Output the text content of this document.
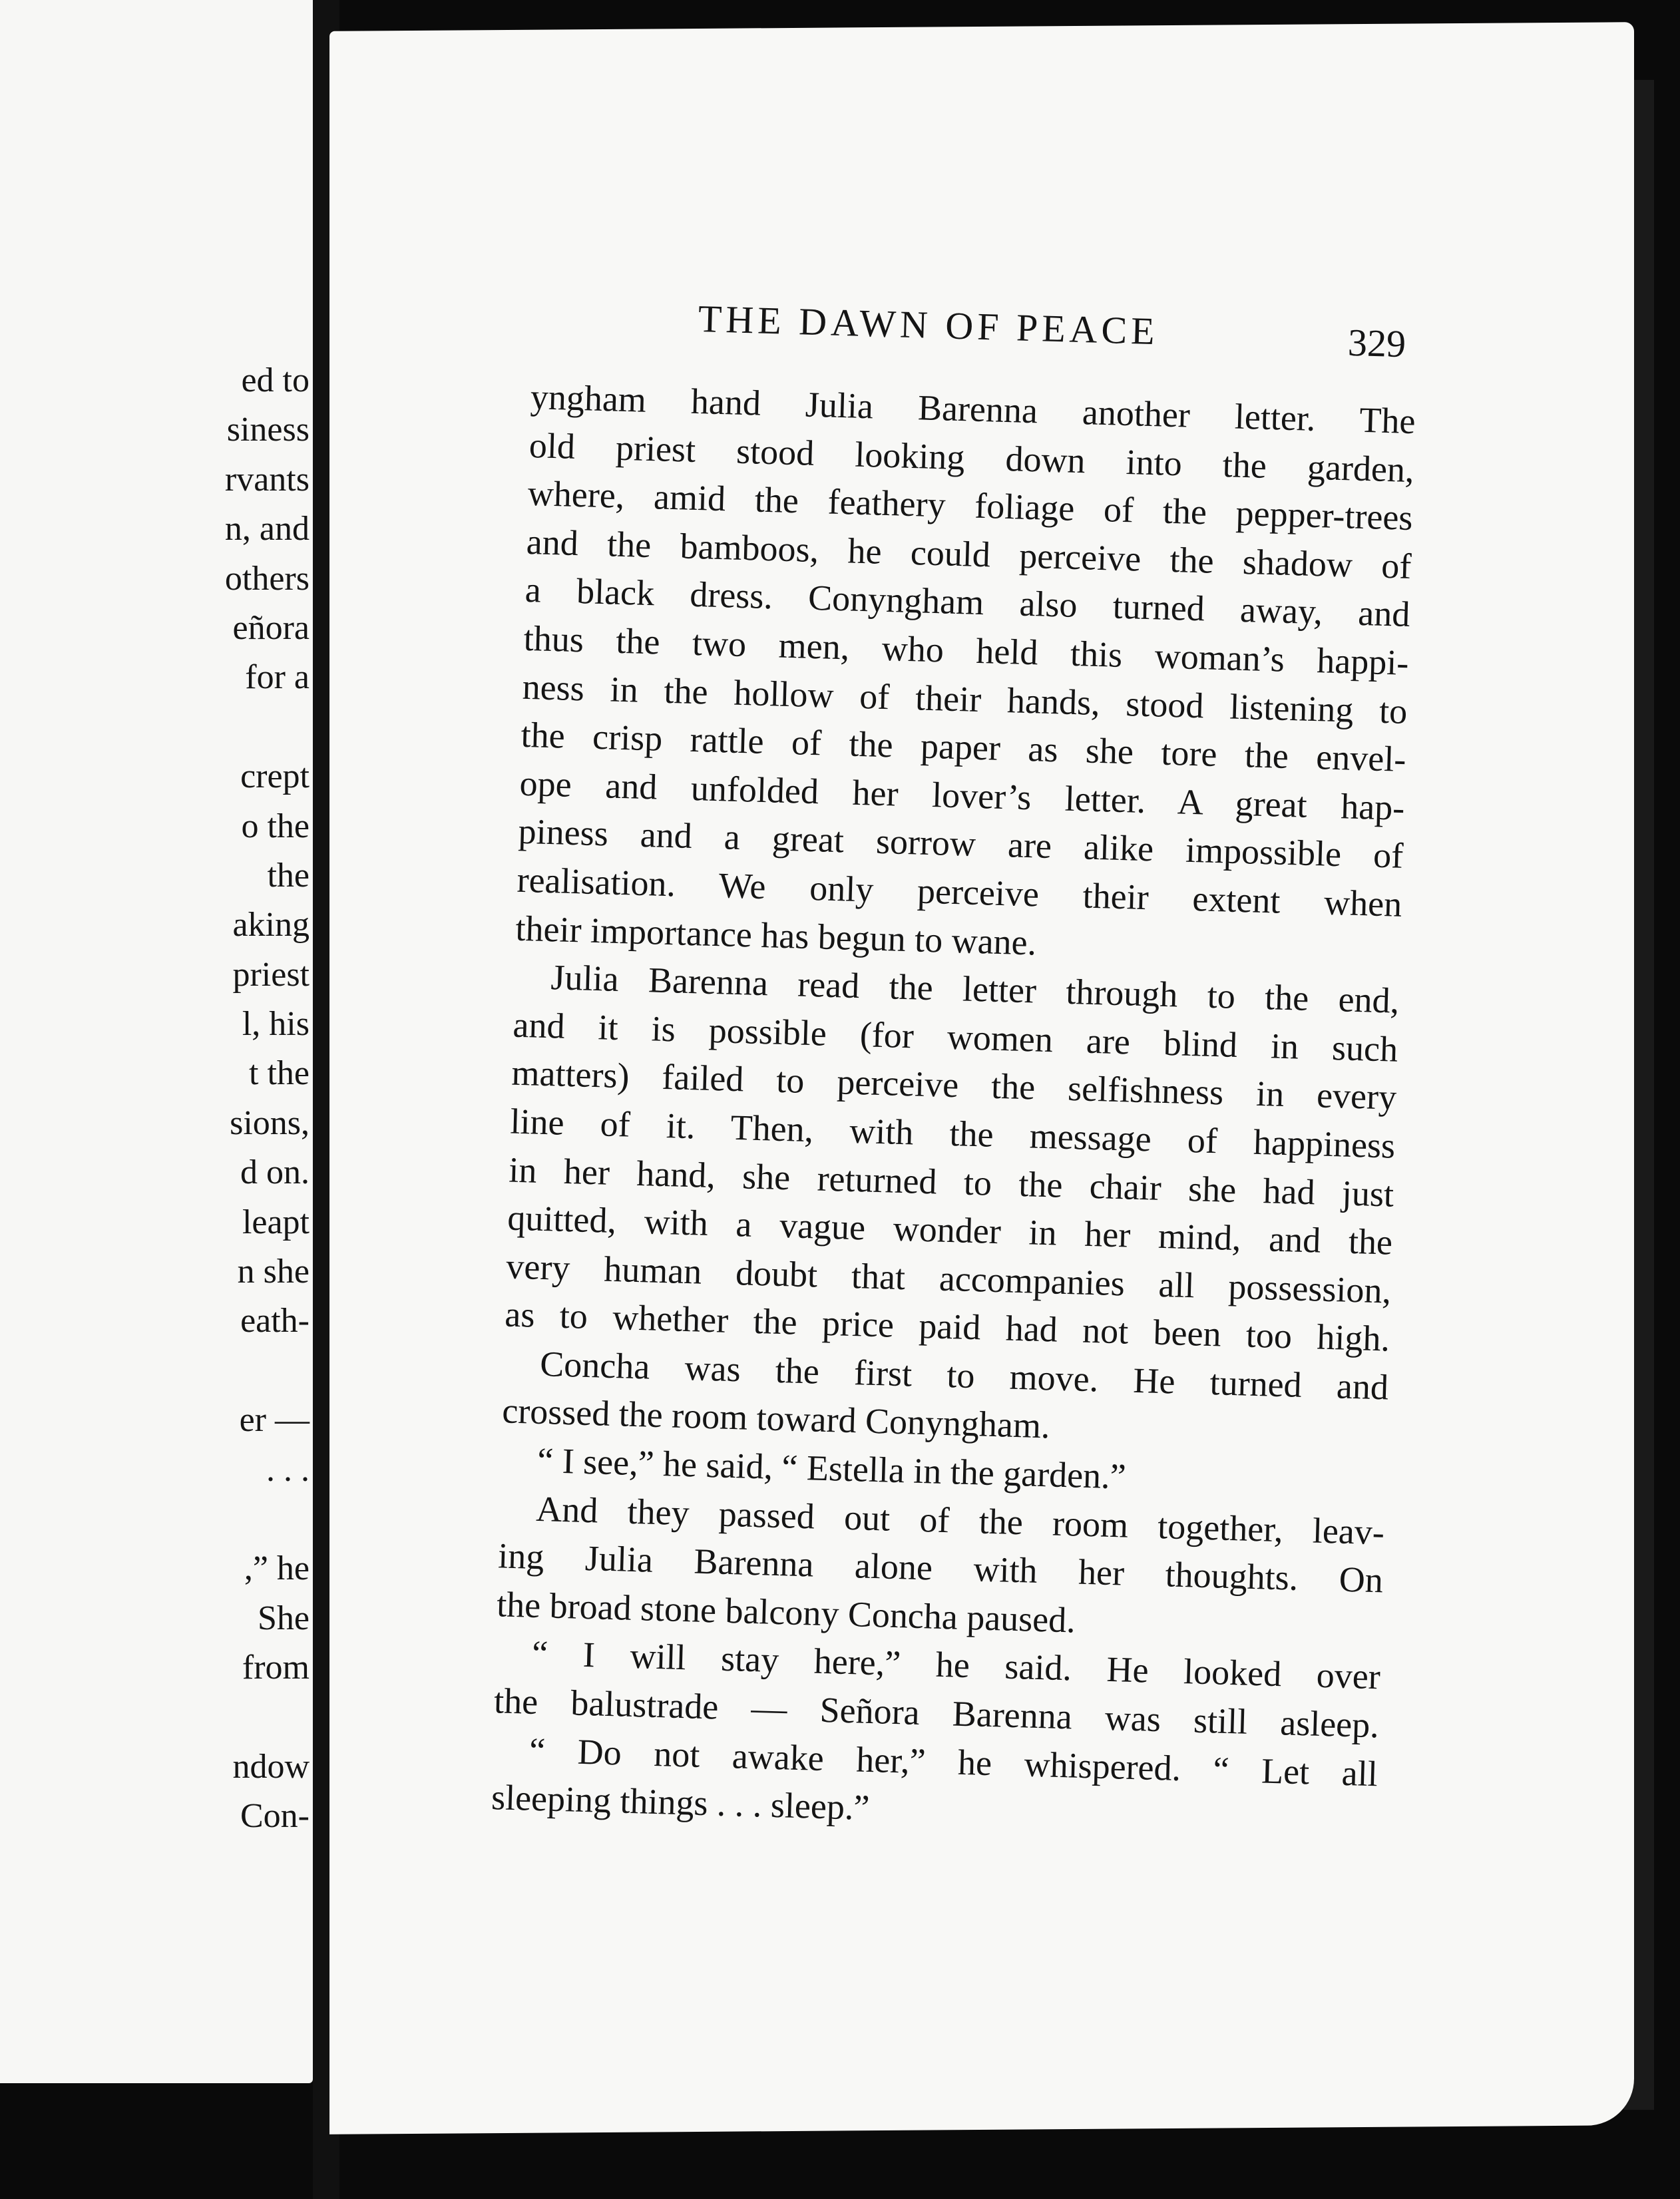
ed to
siness
rvants
n, and
others
eñora
for a
crept
o the
the
aking
priest
l, his
t the
sions,
d on.
leapt
n she
eath-
er —
. . .
,” he
She
from
ndow
Con-
THE DAWN OF PEACE	329
yngham hand Julia Barenna another letter. The
old priest stood looking down into the garden,
where, amid the feathery foliage of the pepper-trees
and the bamboos, he could perceive the shadow of
a black dress. Conyngham also turned away, and
thus the two men, who held this woman’s happi-
ness in the hollow of their hands, stood listening to
the crisp rattle of the paper as she tore the envel-
ope and unfolded her lover’s letter. A great hap-
piness and a great sorrow are alike impossible of
realisation. We only perceive their extent when
their importance has begun to wane.
Julia Barenna read the letter through to the end,
and it is possible (for women are blind in such
matters) failed to perceive the selfishness in every
line of it. Then, with the message of happiness
in her hand, she returned to the chair she had just
quitted, with a vague wonder in her mind, and the
very human doubt that accompanies all possession,
as to whether the price paid had not been too high.
Concha was the first to move. He turned and
crossed the room toward Conyngham.
“ I see,” he said, “ Estella in the garden.”
And they passed out of the room together, leav-
ing Julia Barenna alone with her thoughts. On
the broad stone balcony Concha paused.
“ I will stay here,” he said. He looked over
the balustrade — Señora Barenna was still asleep.
“ Do not awake her,” he whispered. “ Let all
sleeping things . . . sleep.”
